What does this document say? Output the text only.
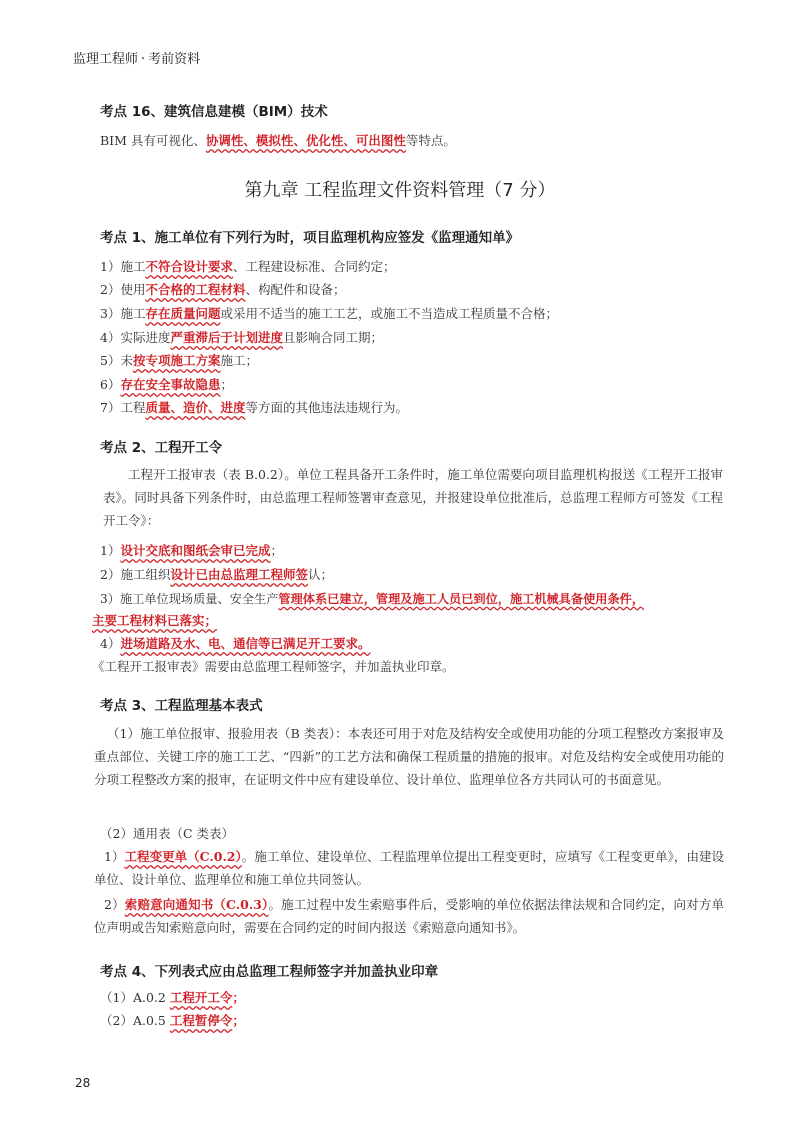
监理工程师 · 考前资料
考点 16、建筑信息建模（BIM）技术
BIM 具有可视化、协调性、模拟性、优化性、可出图性等特点。
第九章 工程监理文件资料管理（7 分）
考点 1、施工单位有下列行为时，项目监理机构应签发《监理通知单》
1）施工不符合设计要求、工程建设标准、合同约定；
2）使用不合格的工程材料、构配件和设备；
3）施工存在质量问题或采用不适当的施工工艺，或施工不当造成工程质量不合格；
4）实际进度严重滞后于计划进度且影响合同工期；
5）未按专项施工方案施工；
6）存在安全事故隐患；
7）工程质量、造价、进度等方面的其他违法违规行为。
考点 2、工程开工令
工程开工报审表（表 B.0.2）。单位工程具备开工条件时，施工单位需要向项目监理机构报送《工程开工报审表》。同时具备下列条件时，由总监理工程师签署审查意见，并报建设单位批准后，总监理工程师方可签发《工程开工令》：
1）设计交底和图纸会审已完成；
2）施工组织设计已由总监理工程师签认；
3）施工单位现场质量、安全生产管理体系已建立，管理及施工人员已到位，施工机械具备使用条件，
主要工程材料已落实；
4）进场道路及水、电、通信等已满足开工要求。
《工程开工报审表》需要由总监理工程师签字，并加盖执业印章。
考点 3、工程监理基本表式
（1）施工单位报审、报验用表（B 类表）：本表还可用于对危及结构安全或使用功能的分项工程整改方案报审及重点部位、关键工序的施工工艺、“四新”的工艺方法和确保工程质量的措施的报审。对危及结构安全或使用功能的分项工程整改方案的报审，在证明文件中应有建设单位、设计单位、监理单位各方共同认可的书面意见。
（2）通用表（C 类表）
1）工程变更单（C.0.2）。施工单位、建设单位、工程监理单位提出工程变更时，应填写《工程变更单》，由建设单位、设计单位、监理单位和施工单位共同签认。
2）索赔意向通知书（C.0.3）。施工过程中发生索赔事件后，受影响的单位依据法律法规和合同约定，向对方单位声明或告知索赔意向时，需要在合同约定的时间内报送《索赔意向通知书》。
考点 4、下列表式应由总监理工程师签字并加盖执业印章
（1）A.0.2 工程开工令；
（2）A.0.5 工程暂停令；
28
